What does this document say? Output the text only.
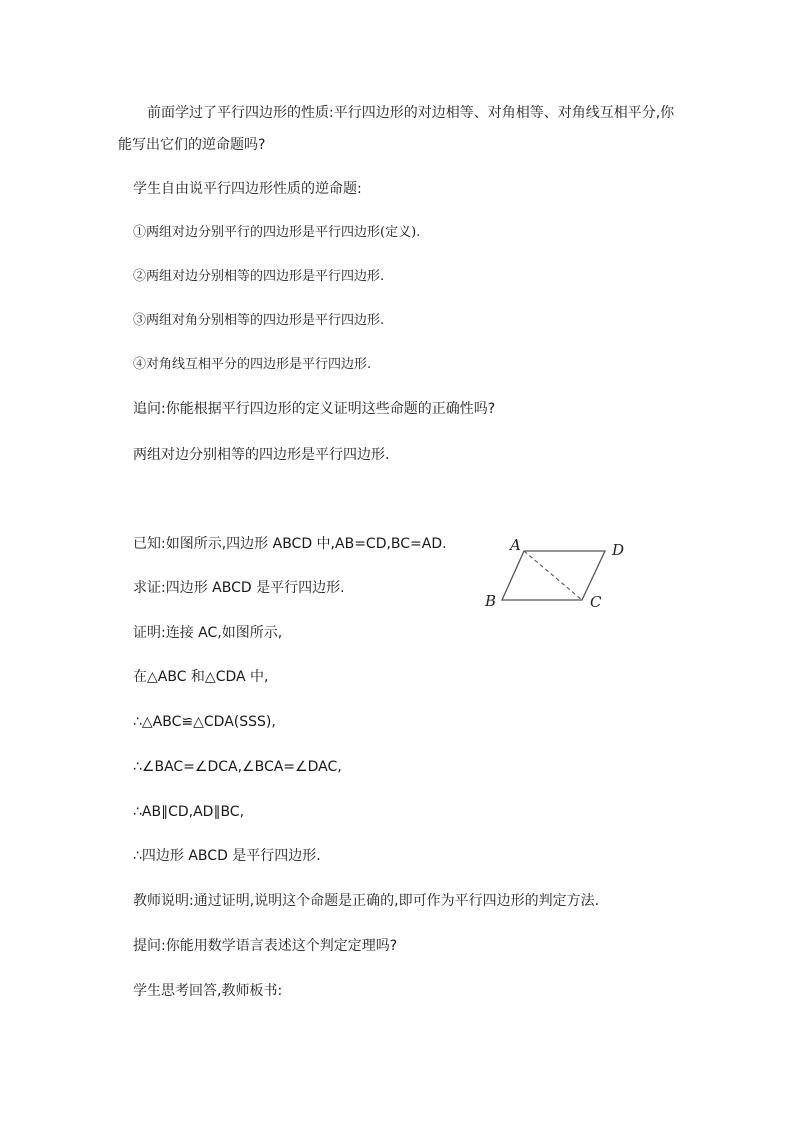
前面学过了平行四边形的性质:平行四边形的对边相等、对角相等、对角线互相平分,你
能写出它们的逆命题吗?
学生自由说平行四边形性质的逆命题:
①两组对边分别平行的四边形是平行四边形(定义).
②两组对边分别相等的四边形是平行四边形.
③两组对角分别相等的四边形是平行四边形.
④对角线互相平分的四边形是平行四边形.
追问:你能根据平行四边形的定义证明这些命题的正确性吗?
两组对边分别相等的四边形是平行四边形.
已知:如图所示,四边形 ABCD 中,AB=CD,BC=AD.
求证:四边形 ABCD 是平行四边形.
证明:连接 AC,如图所示,
在△ABC 和△CDA 中,
∴△ABC≌△CDA(SSS),
∴∠BAC=∠DCA,∠BCA=∠DAC,
∴AB∥CD,AD∥BC,
∴四边形 ABCD 是平行四边形.
教师说明:通过证明,说明这个命题是正确的,即可作为平行四边形的判定方法.
提问:你能用数学语言表述这个判定定理吗?
学生思考回答,教师板书:
A	D
B	C
